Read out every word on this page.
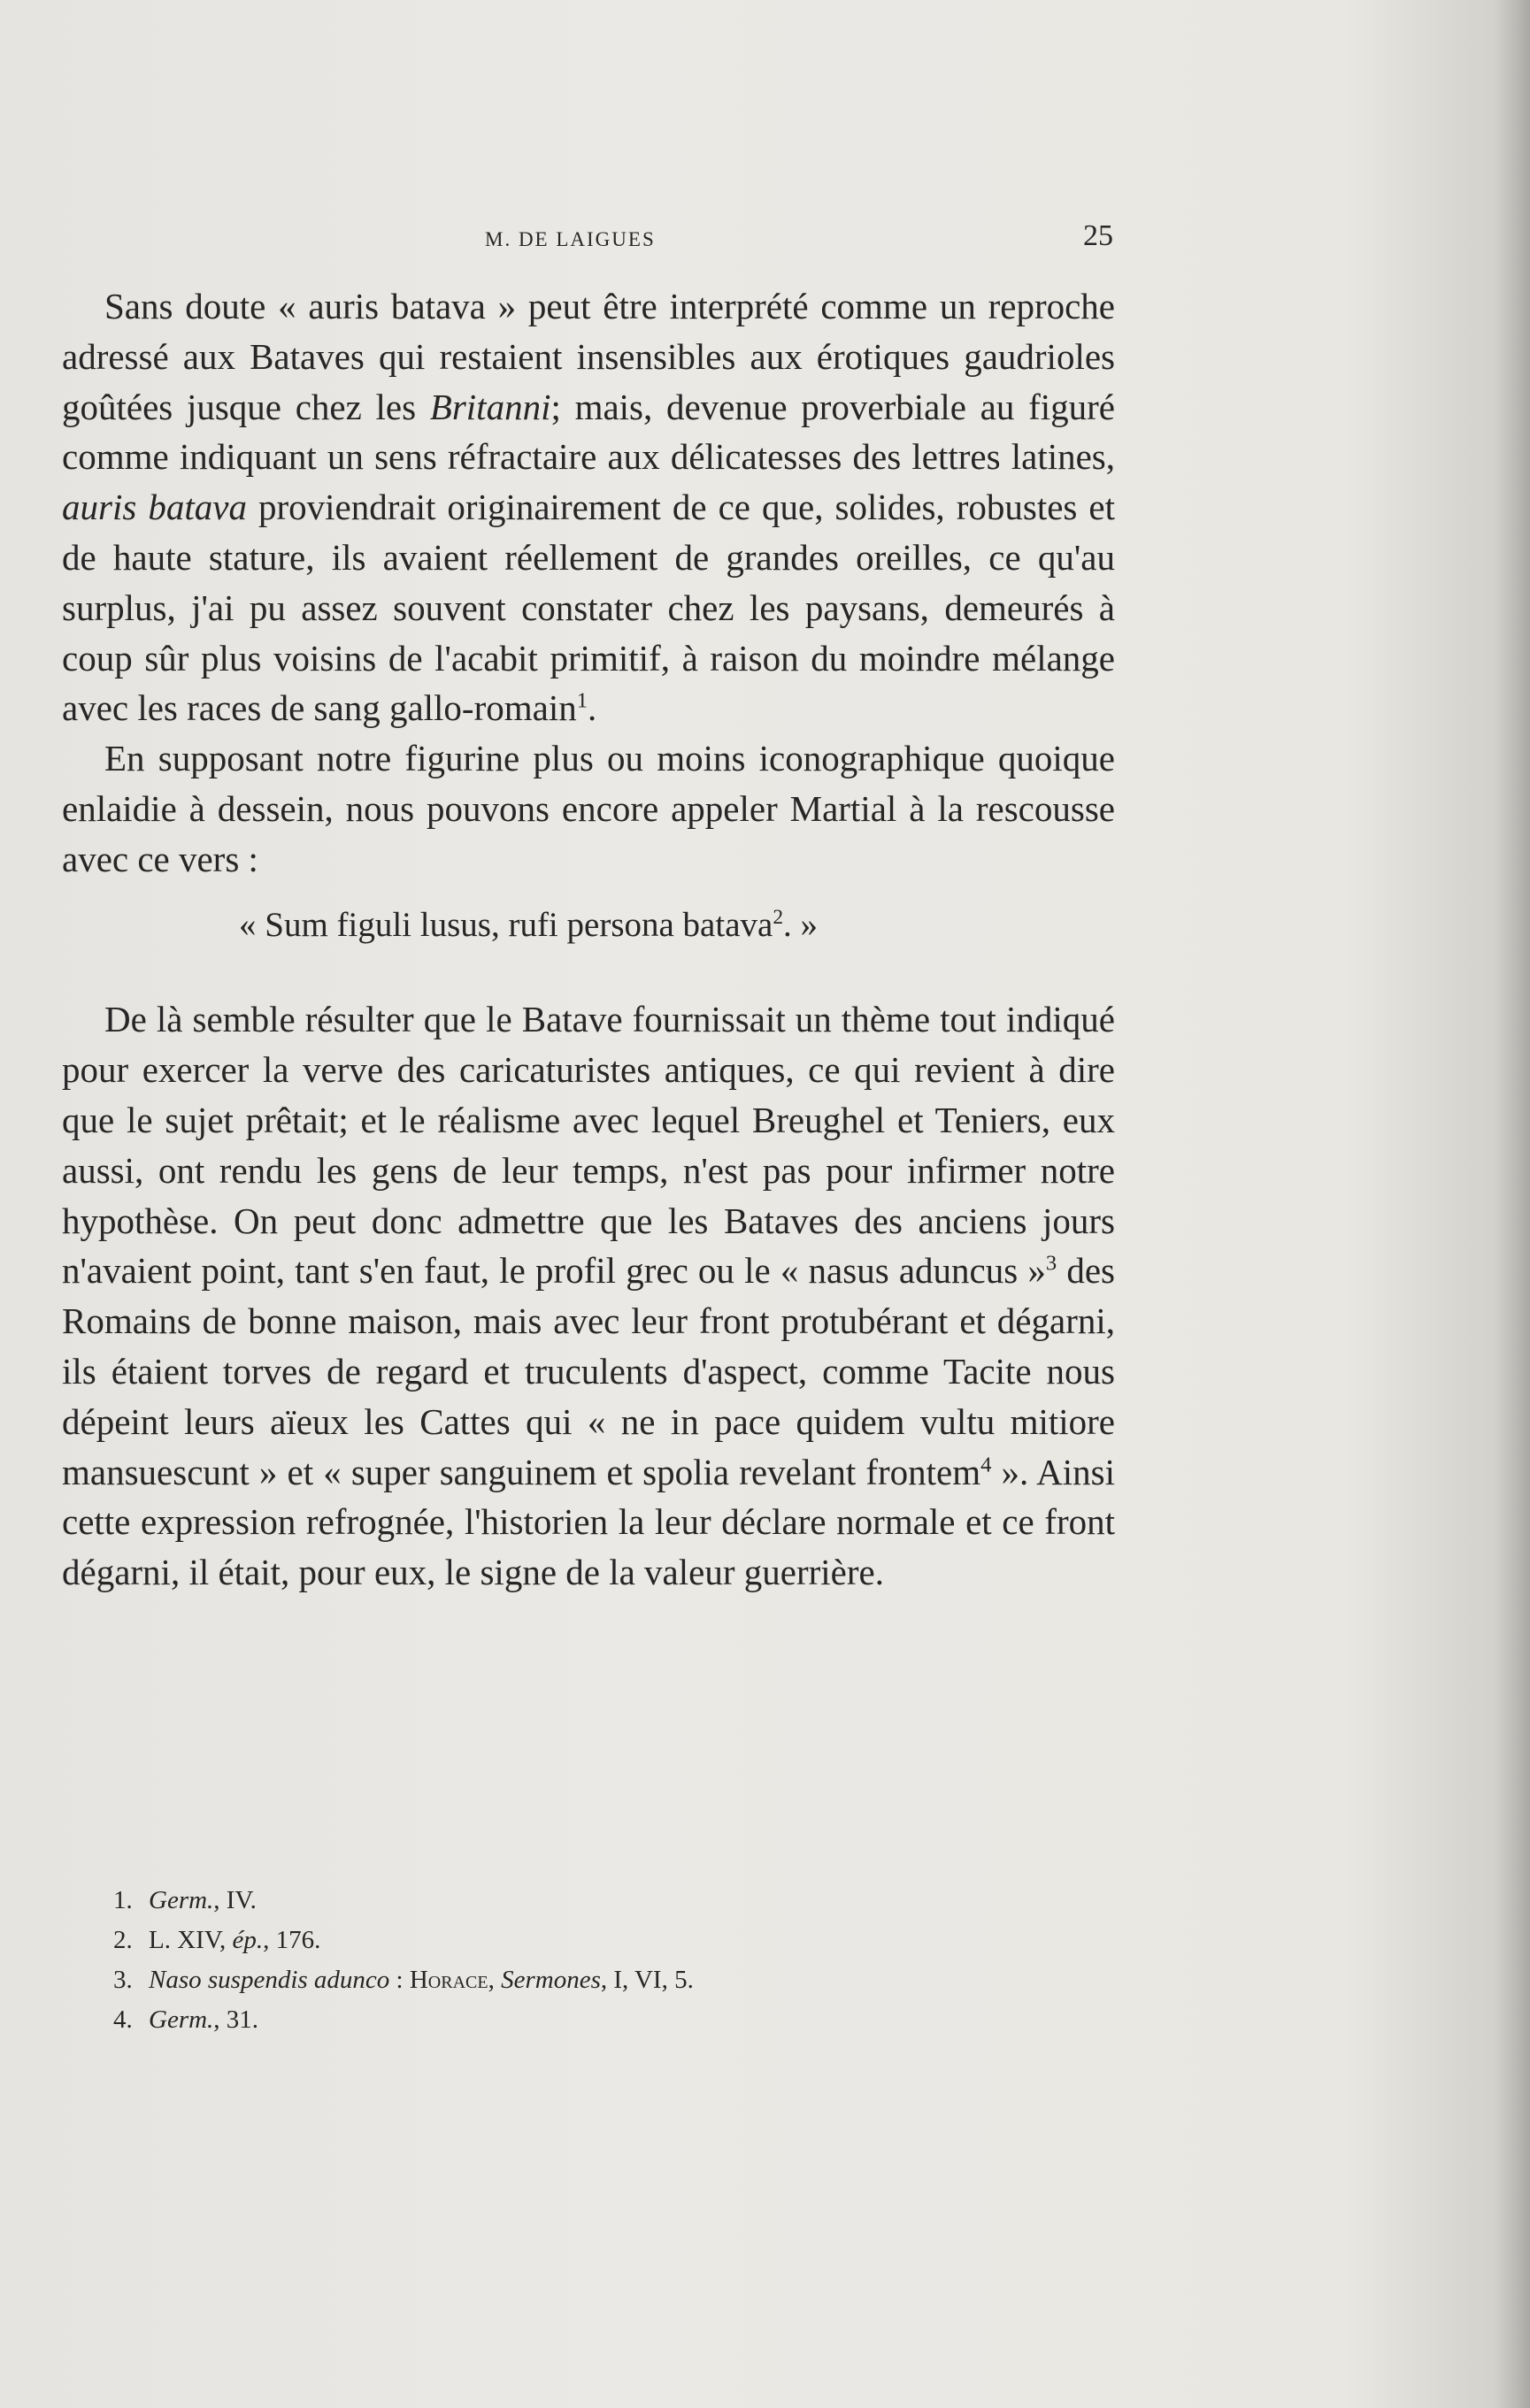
M. DE LAIGUES	25

Sans doute « auris batava » peut être interprété comme un reproche adressé aux Bataves qui restaient insensibles aux érotiques gaudrioles goûtées jusque chez les Britanni; mais, devenue proverbiale au figuré comme indiquant un sens réfractaire aux délicatesses des lettres latines, auris batava proviendrait originairement de ce que, solides, robustes et de haute stature, ils avaient réellement de grandes oreilles, ce qu'au surplus, j'ai pu assez souvent constater chez les paysans, demeurés à coup sûr plus voisins de l'acabit primitif, à raison du moindre mélange avec les races de sang gallo-romain$^1$.

En supposant notre figurine plus ou moins iconographique quoique enlaidie à dessein, nous pouvons encore appeler Martial à la rescousse avec ce vers :

« Sum figuli lusus, rufi persona batava$^2$. »

De là semble résulter que le Batave fournissait un thème tout indiqué pour exercer la verve des caricaturistes antiques, ce qui revient à dire que le sujet prêtait; et le réalisme avec lequel Breughel et Teniers, eux aussi, ont rendu les gens de leur temps, n'est pas pour infirmer notre hypothèse. On peut donc admettre que les Bataves des anciens jours n'avaient point, tant s'en faut, le profil grec ou le « nasus aduncus »$^3$ des Romains de bonne maison, mais avec leur front protubérant et dégarni, ils étaient torves de regard et truculents d'aspect, comme Tacite nous dépeint leurs aïeux les Cattes qui « ne in pace quidem vultu mitiore mansuescunt » et « super sanguinem et spolia revelant frontem$^4$ ». Ainsi cette expression refrognée, l'historien la leur déclare normale et ce front dégarni, il était, pour eux, le signe de la valeur guerrière.

1. Germ., IV.

2. L. XIV, ép., 176.

3. Naso suspendis adunco : Horace, Sermones, I, VI, 5.

4. Germ., 31.
